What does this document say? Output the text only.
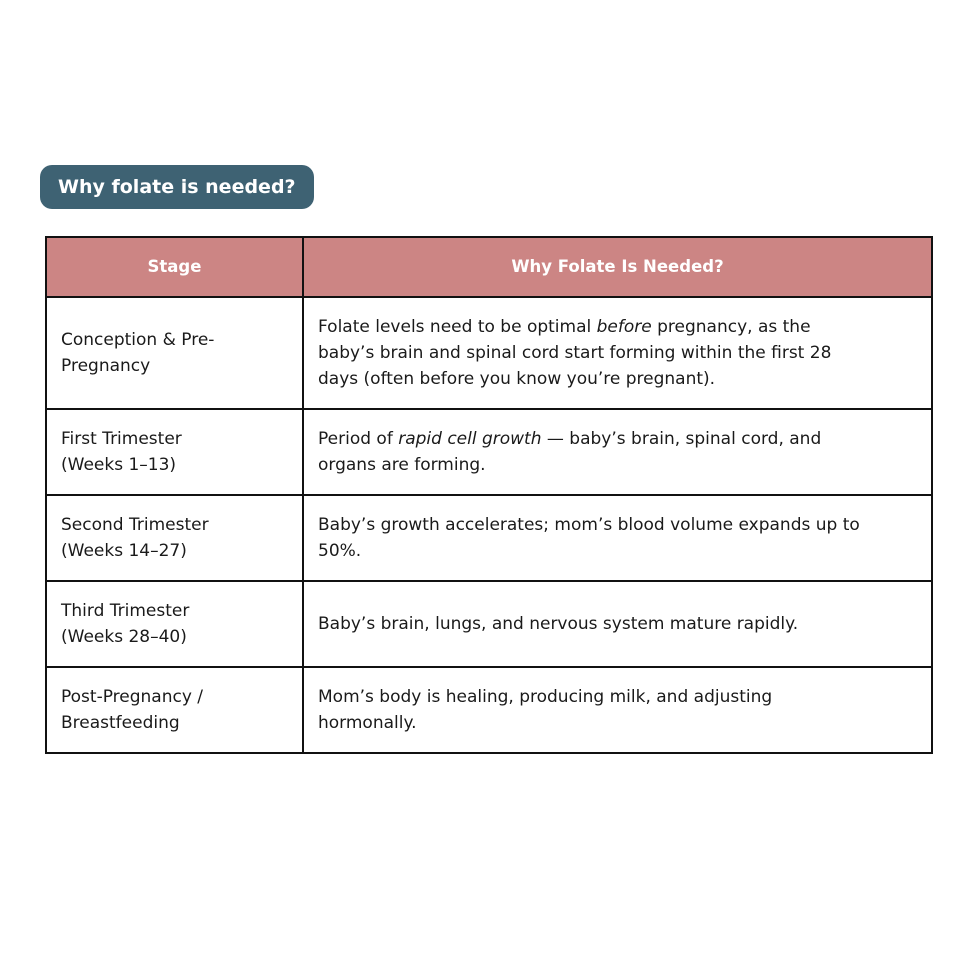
Why folate is needed?
Stage	Why Folate Is Needed?

Conception & Pre-
Pregnancy	Folate levels need to be optimal before pregnancy, as the
baby’s brain and spinal cord start forming within the first 28
days (often before you know you’re pregnant).

First Trimester
(Weeks 1–13)	Period of rapid cell growth — baby’s brain, spinal cord, and
organs are forming.

Second Trimester
(Weeks 14–27)	Baby’s growth accelerates; mom’s blood volume expands up to
50%.

Third Trimester
(Weeks 28–40)	Baby’s brain, lungs, and nervous system mature rapidly.

Post-Pregnancy /
Breastfeeding	Mom’s body is healing, producing milk, and adjusting
hormonally.
